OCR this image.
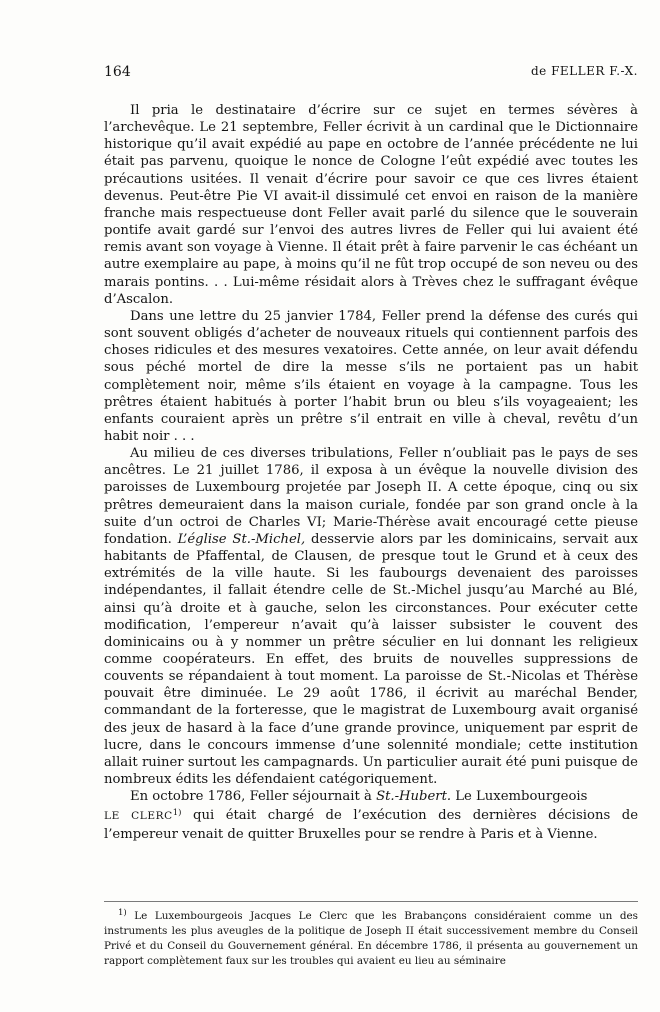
164	de FELLER F.-X.

Il pria le destinataire d’écrire sur ce sujet en termes sévères à l’archevêque. Le 21 septembre, Feller écrivit à un cardinal que le Dictionnaire historique qu’il avait expédié au pape en octobre de l’année précédente ne lui était pas parvenu, quoique le nonce de Cologne l’eût expédié avec toutes les précautions usitées. Il venait d’écrire pour savoir ce que ces livres étaient devenus. Peut-être Pie VI avait-il dissimulé cet envoi en raison de la manière franche mais respectueuse dont Feller avait parlé du silence que le souverain pontife avait gardé sur l’envoi des autres livres de Feller qui lui avaient été remis avant son voyage à Vienne. Il était prêt à faire parvenir le cas échéant un autre exemplaire au pape, à moins qu’il ne fût trop occupé de son neveu ou des marais pontins. . . Lui-même résidait alors à Trèves chez le suffragant évêque d’Ascalon.

Dans une lettre du 25 janvier 1784, Feller prend la défense des curés qui sont souvent obligés d’acheter de nouveaux rituels qui contiennent parfois des choses ridicules et des mesures vexatoires. Cette année, on leur avait défendu sous péché mortel de dire la messe s’ils ne portaient pas un habit complètement noir, même s’ils étaient en voyage à la campagne. Tous les prêtres étaient habitués à porter l’habit brun ou bleu s’ils voyageaient; les enfants couraient après un prêtre s’il entrait en ville à cheval, revêtu d’un habit noir . . .

Au milieu de ces diverses tribulations, Feller n’oubliait pas le pays de ses ancêtres. Le 21 juillet 1786, il exposa à un évêque la nouvelle division des paroisses de Luxembourg projetée par Joseph II. A cette époque, cinq ou six prêtres demeuraient dans la maison curiale, fondée par son grand oncle à la suite d’un octroi de Charles VI; Marie-Thérèse avait encouragé cette pieuse fondation. L’église St.-Michel, desservie alors par les dominicains, servait aux habitants de Pfaffental, de Clausen, de presque tout le Grund et à ceux des extrémités de la ville haute. Si les faubourgs devenaient des paroisses indépendantes, il fallait étendre celle de St.-Michel jusqu’au Marché au Blé, ainsi qu’à droite et à gauche, selon les circonstances. Pour exécuter cette modification, l’empereur n’avait qu’à laisser subsister le couvent des dominicains ou à y nommer un prêtre séculier en lui donnant les religieux comme coopérateurs. En effet, des bruits de nouvelles suppressions de couvents se répandaient à tout moment. La paroisse de St.-Nicolas et Thérèse pouvait être diminuée. Le 29 août 1786, il écrivit au maréchal Bender, commandant de la forteresse, que le magistrat de Luxembourg avait organisé des jeux de hasard à la face d’une grande province, uniquement par esprit de lucre, dans le concours immense d’une solennité mondiale; cette institution allait ruiner surtout les campagnards. Un particulier aurait été puni puisque de nombreux édits les défendaient catégoriquement.

En octobre 1786, Feller séjournait à St.-Hubert. Le Luxembourgeois
LE CLERC$^{1)}$ qui était chargé de l’exécution des dernières décisions de l’empereur venait de quitter Bruxelles pour se rendre à Paris et à Vienne.

$^{1)}$ Le Luxembourgeois Jacques Le Clerc que les Brabançons considéraient comme un des instruments les plus aveugles de la politique de Joseph II était successivement membre du Conseil Privé et du Conseil du Gouvernement général. En décembre 1786, il présenta au gouvernement un rapport complètement faux sur les troubles qui avaient eu lieu au séminaire
